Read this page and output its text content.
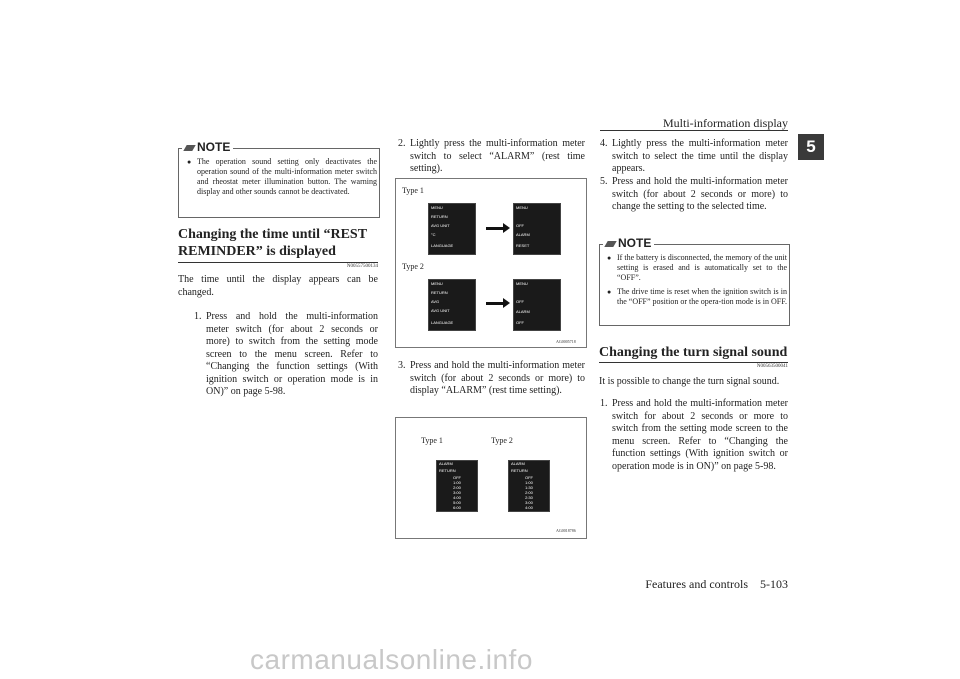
Multi-information display
5
Features and controls    5-103
NOTE
● The operation sound setting only deactivates the operation sound of the multi-information meter switch and rheostat meter illumination button. The warning display and other sounds cannot be deactivated.
Changing the time until “REST REMINDER” is displayed
N00557500134
The time until the display appears can be changed.
1. Press and hold the multi-information meter switch (for about 2 seconds or more) to switch from the setting mode screen to the menu screen. Refer to “Changing the function settings (With ignition switch or operation mode is in ON)” on page 5-98.
2. Lightly press the multi-information meter switch to select “ALARM” (rest time setting).
Type 1
Type 2
MENU
RETURN
AVG UNIT
°C
LANGUAGE
MENU
OFF
ALARM
RESET
MENU
RETURN
AVG
AVG UNIT
LANGUAGE
MENU
OFF
ALARM
OFF
AG0005718
3. Press and hold the multi-information meter switch (for about 2 seconds or more) to display “ALARM” (rest time setting).
Type 1	Type 2
ALARM
RETURN
OFF
1:00
2:00
3:00
4:00
5:00
6:00
ALARM
RETURN
OFF
1:00
1:30
2:00
2:30
3:00
4:00
AG0018786
4. Lightly press the multi-information meter switch to select the time until the display appears.
5. Press and hold the multi-information meter switch (for about 2 seconds or more) to change the setting to the selected time.
NOTE
● If the battery is disconnected, the memory of the unit setting is erased and is automatically set to the “OFF”.
● The drive time is reset when the ignition switch is in the “OFF” position or the opera-tion mode is in OFF.
Changing the turn signal sound
N00563500041
It is possible to change the turn signal sound.
1. Press and hold the multi-information meter switch for about 2 seconds or more to switch from the setting mode screen to the menu screen. Refer to “Changing the function settings (With ignition switch or operation mode is in ON)” on page 5-98.
carmanualsonline.info
